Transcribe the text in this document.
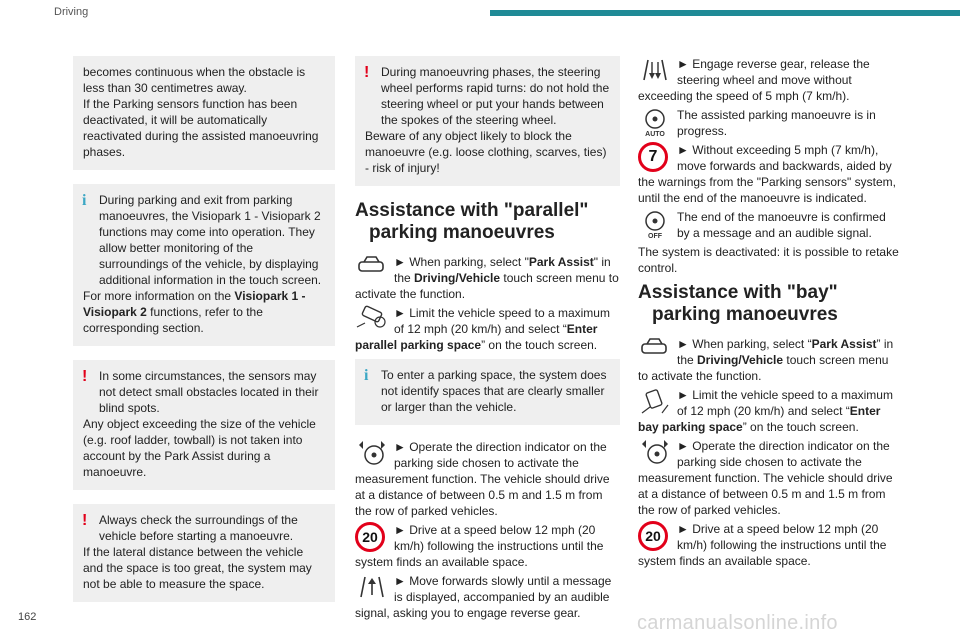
Driving

becomes continuous when the obstacle is less than 30 centimetres away.

If the Parking sensors function has been deactivated, it will be automatically reactivated during the assisted manoeuvring phases.

i During parking and exit from parking manoeuvres, the Visiopark 1 - Visiopark 2 functions may come into operation. They allow better monitoring of the surroundings of the vehicle, by displaying additional information in the touch screen.

For more information on the Visiopark 1 - Visiopark 2 functions, refer to the corresponding section.

! In some circumstances, the sensors may not detect small obstacles located in their blind spots.

Any object exceeding the size of the vehicle (e.g. roof ladder, towball) is not taken into account by the Park Assist during a manoeuvre.

! Always check the surroundings of the vehicle before starting a manoeuvre.

If the lateral distance between the vehicle and the space is too great, the system may not be able to measure the space.

! During manoeuvring phases, the steering wheel performs rapid turns: do not hold the steering wheel or put your hands between the spokes of the steering wheel.

Beware of any object likely to block the manoeuvre (e.g. loose clothing, scarves, ties) - risk of injury!

Assistance with "parallel"
parking manoeuvres

► When parking, select "Park Assist" in the Driving/Vehicle touch screen menu to activate the function.

► Limit the vehicle speed to a maximum of 12 mph (20 km/h) and select “Enter parallel parking space” on the touch screen.

i To enter a parking space, the system does not identify spaces that are clearly smaller or larger than the vehicle.

► Operate the direction indicator on the parking side chosen to activate the measurement function. The vehicle should drive at a distance of between 0.5 m and 1.5 m from the row of parked vehicles.

20	► Drive at a speed below 12 mph (20 km/h) following the instructions until the system finds an available space.

► Move forwards slowly until a message is displayed, accompanied by an audible signal, asking you to engage reverse gear.

► Engage reverse gear, release the steering wheel and move without exceeding the speed of 5 mph (7 km/h).

AUTO

The assisted parking manoeuvre is in progress.

7	► Without exceeding 5 mph (7 km/h), move forwards and backwards, aided by the warnings from the "Parking sensors" system, until the end of the manoeuvre is indicated.

OFF

The end of the manoeuvre is confirmed by a message and an audible signal.

The system is deactivated: it is possible to retake control.

Assistance with "bay"
parking manoeuvres

► When parking, select “Park Assist” in the Driving/Vehicle touch screen menu to activate the function.

► Limit the vehicle speed to a maximum of 12 mph (20 km/h) and select “Enter bay parking space” on the touch screen.

► Operate the direction indicator on the parking side chosen to activate the measurement function. The vehicle should drive at a distance of between 0.5 m and 1.5 m from the row of parked vehicles.

20	► Drive at a speed below 12 mph (20 km/h) following the instructions until the system finds an available space.

162	carmanualsonline.info
